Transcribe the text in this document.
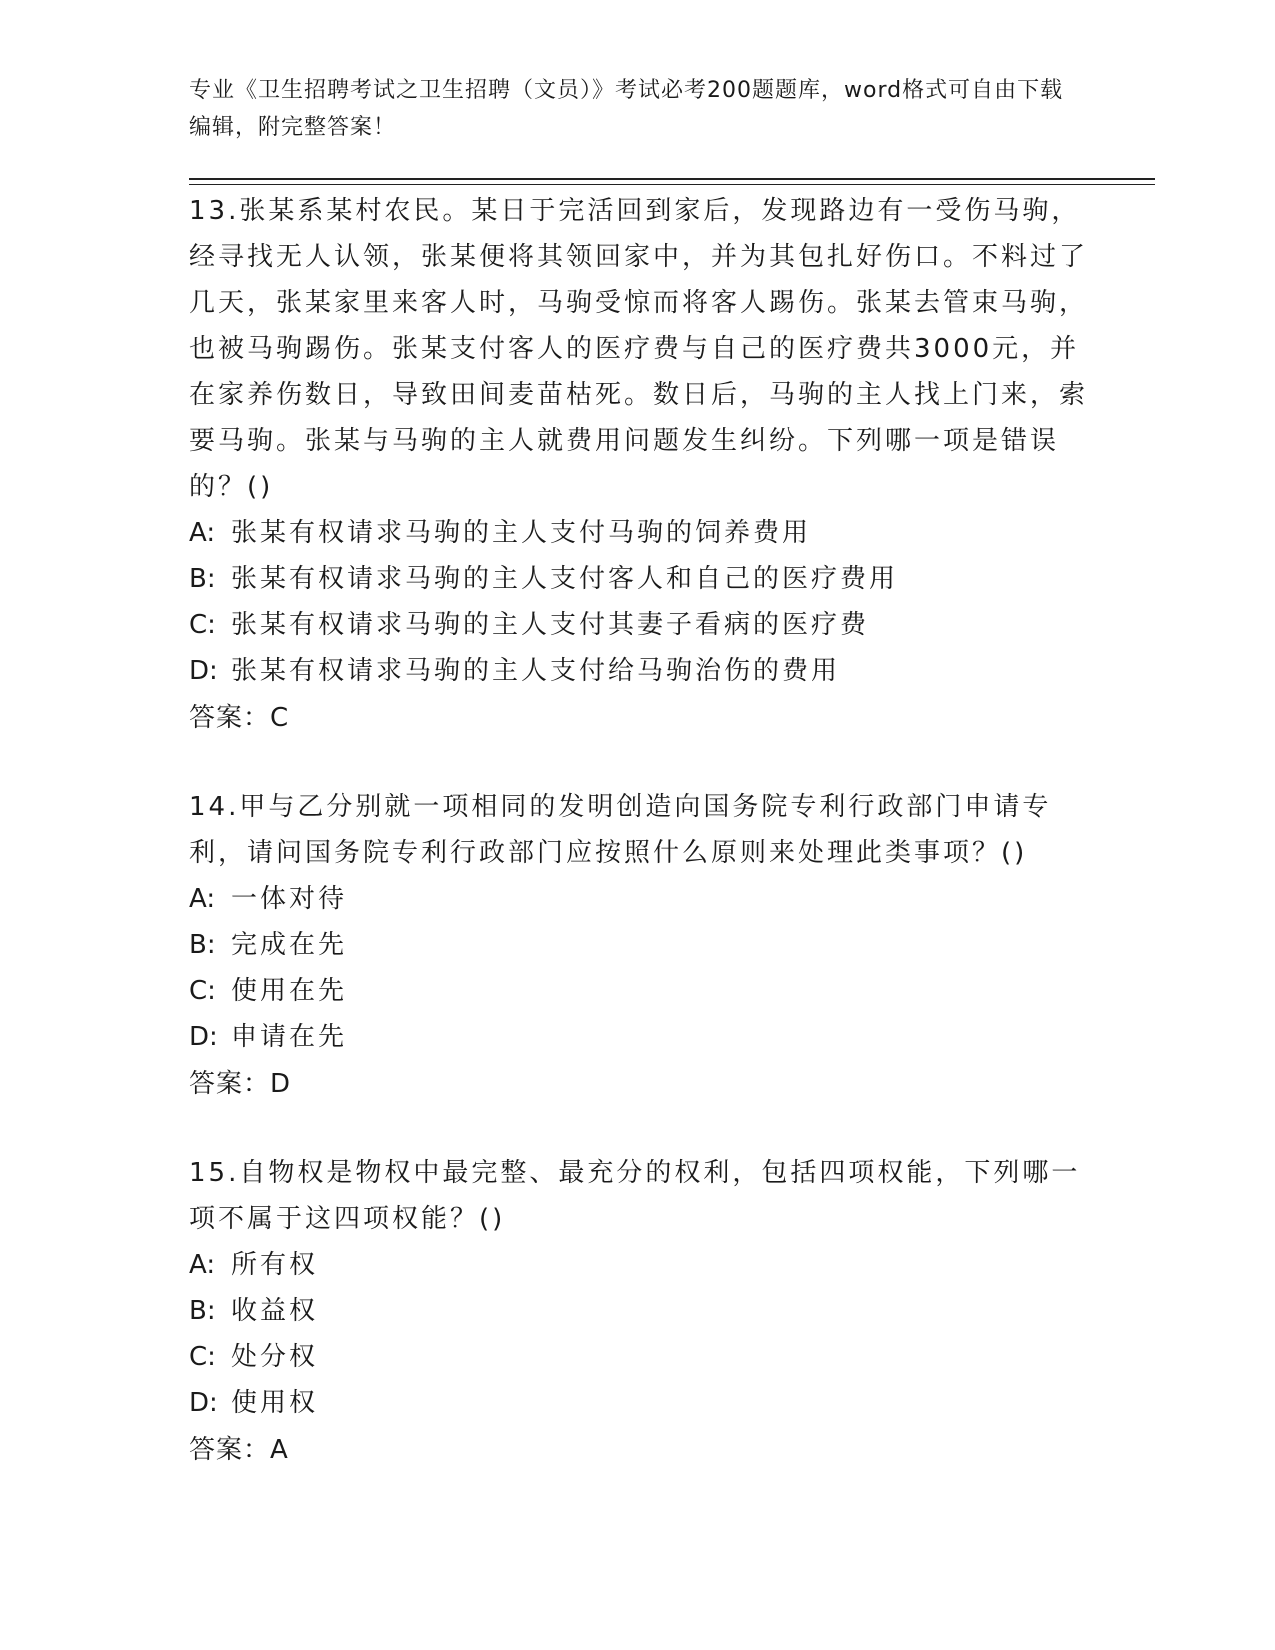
专业《卫生招聘考试之卫生招聘（文员）》考试必考200题题库，word格式可自由下载编辑，附完整答案！

13.张某系某村农民。某日于完活回到家后，发现路边有一受伤马驹，经寻找无人认领，张某便将其领回家中，并为其包扎好伤口。不料过了几天，张某家里来客人时，马驹受惊而将客人踢伤。张某去管束马驹，也被马驹踢伤。张某支付客人的医疗费与自己的医疗费共3000元，并在家养伤数日，导致田间麦苗枯死。数日后，马驹的主人找上门来，索要马驹。张某与马驹的主人就费用问题发生纠纷。下列哪一项是错误的？()

A: 张某有权请求马驹的主人支付马驹的饲养费用

B: 张某有权请求马驹的主人支付客人和自己的医疗费用

C: 张某有权请求马驹的主人支付其妻子看病的医疗费

D: 张某有权请求马驹的主人支付给马驹治伤的费用

答案：C

14.甲与乙分别就一项相同的发明创造向国务院专利行政部门申请专利，请问国务院专利行政部门应按照什么原则来处理此类事项？()

A: 一体对待

B: 完成在先

C: 使用在先

D: 申请在先

答案：D

15.自物权是物权中最完整、最充分的权利，包括四项权能，下列哪一项不属于这四项权能？()

A: 所有权

B: 收益权

C: 处分权

D: 使用权

答案：A
